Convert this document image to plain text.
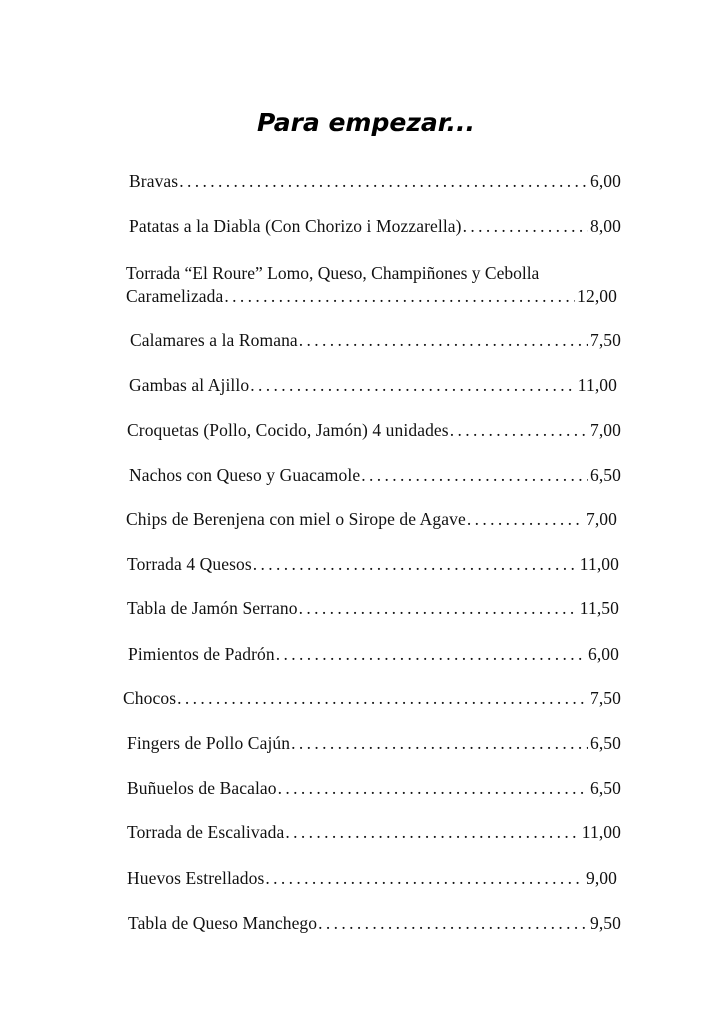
Para empezar...
Bravas . . .	6,00
Patatas a la Diabla (Con Chorizo i Mozzarella) . . .	8,00
Torrada “El Roure” Lomo, Queso, Champiñones y Cebolla
Caramelizada . . .	12,00
Calamares a la Romana . . .	7,50
Gambas al Ajillo . . .	11,00
Croquetas (Pollo, Cocido, Jamón) 4 unidades . . .	7,00
Nachos con Queso y Guacamole . . .	6,50
Chips de Berenjena con miel o Sirope de Agave . . .	7,00
Torrada 4 Quesos . . .	11,00
Tabla de Jamón Serrano . . .	11,50
Pimientos de Padrón . . .	6,00
Chocos . . .	7,50
Fingers de Pollo Cajún . . .	6,50
Buñuelos de Bacalao . . .	6,50
Torrada de Escalivada . . .	11,00
Huevos Estrellados . . .	9,00
Tabla de Queso Manchego . . .	9,50
